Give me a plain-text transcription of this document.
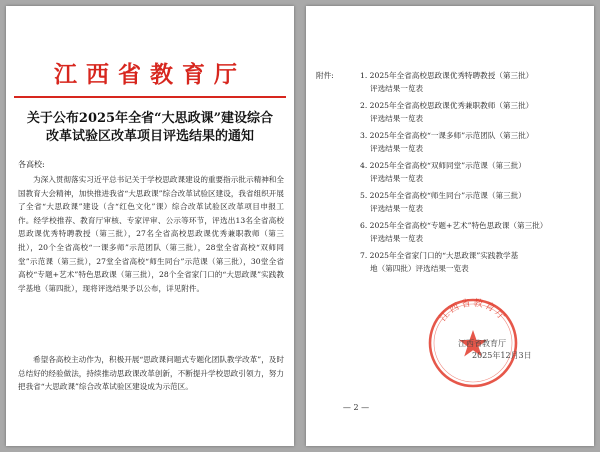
江西省教育厅
关于公布2025年全省“大思政课”建设综合
改革试验区改革项目评选结果的通知
各高校:

为深入贯彻落实习近平总书记关于学校思政课建设的重要指示批示精神和全国教育大会精神，加快推进我省“大思政课”综合改革试验区建设，我省组织开展了全省“大思政课”建设（含“红色文化”课）综合改革试验区改革项目申报工作。经学校推荐、教育厅审核、专家评审、公示等环节，评选出13名全省高校思政课优秀特聘教授（第三批），27名全省高校思政课优秀兼职教师（第三批），20个全省高校“一课多师”示范团队（第三批），28堂全省高校“双师同堂”示范课（第三批），27堂全省高校“师生同台”示范课（第三批），30堂全省高校“专题+艺术”特色思政课（第三批），28个全省家门口的“大思政课”实践教学基地（第四批），现将评选结果予以公布，详见附件。

希望各高校主动作为，积极开展“思政课问题式专题化团队教学改革”，及时总结好的经验做法，持续推动思政课改革创新，不断提升学校思政引领力，努力把我省“大思政课”综合改革试验区建设成为示范区。

附件:	1. 2025年全省高校思政课优秀特聘教授（第三批）
评选结果一览表
2. 2025年全省高校思政课优秀兼职教师（第三批）
评选结果一览表
3. 2025年全省高校“一课多师”示范团队（第三批）
评选结果一览表
4. 2025年全省高校“双师同堂”示范课（第三批）
评选结果一览表
5. 2025年全省高校“师生同台”示范课（第三批）
评选结果一览表
6. 2025年全省高校“专题+艺术”特色思政课（第三批）
评选结果一览表
7. 2025年全省家门口的“大思政课”实践教学基
地（第四批）评选结果一览表
江西省教育厅
江西省教育厅
2025年12月3日
— 2 —
